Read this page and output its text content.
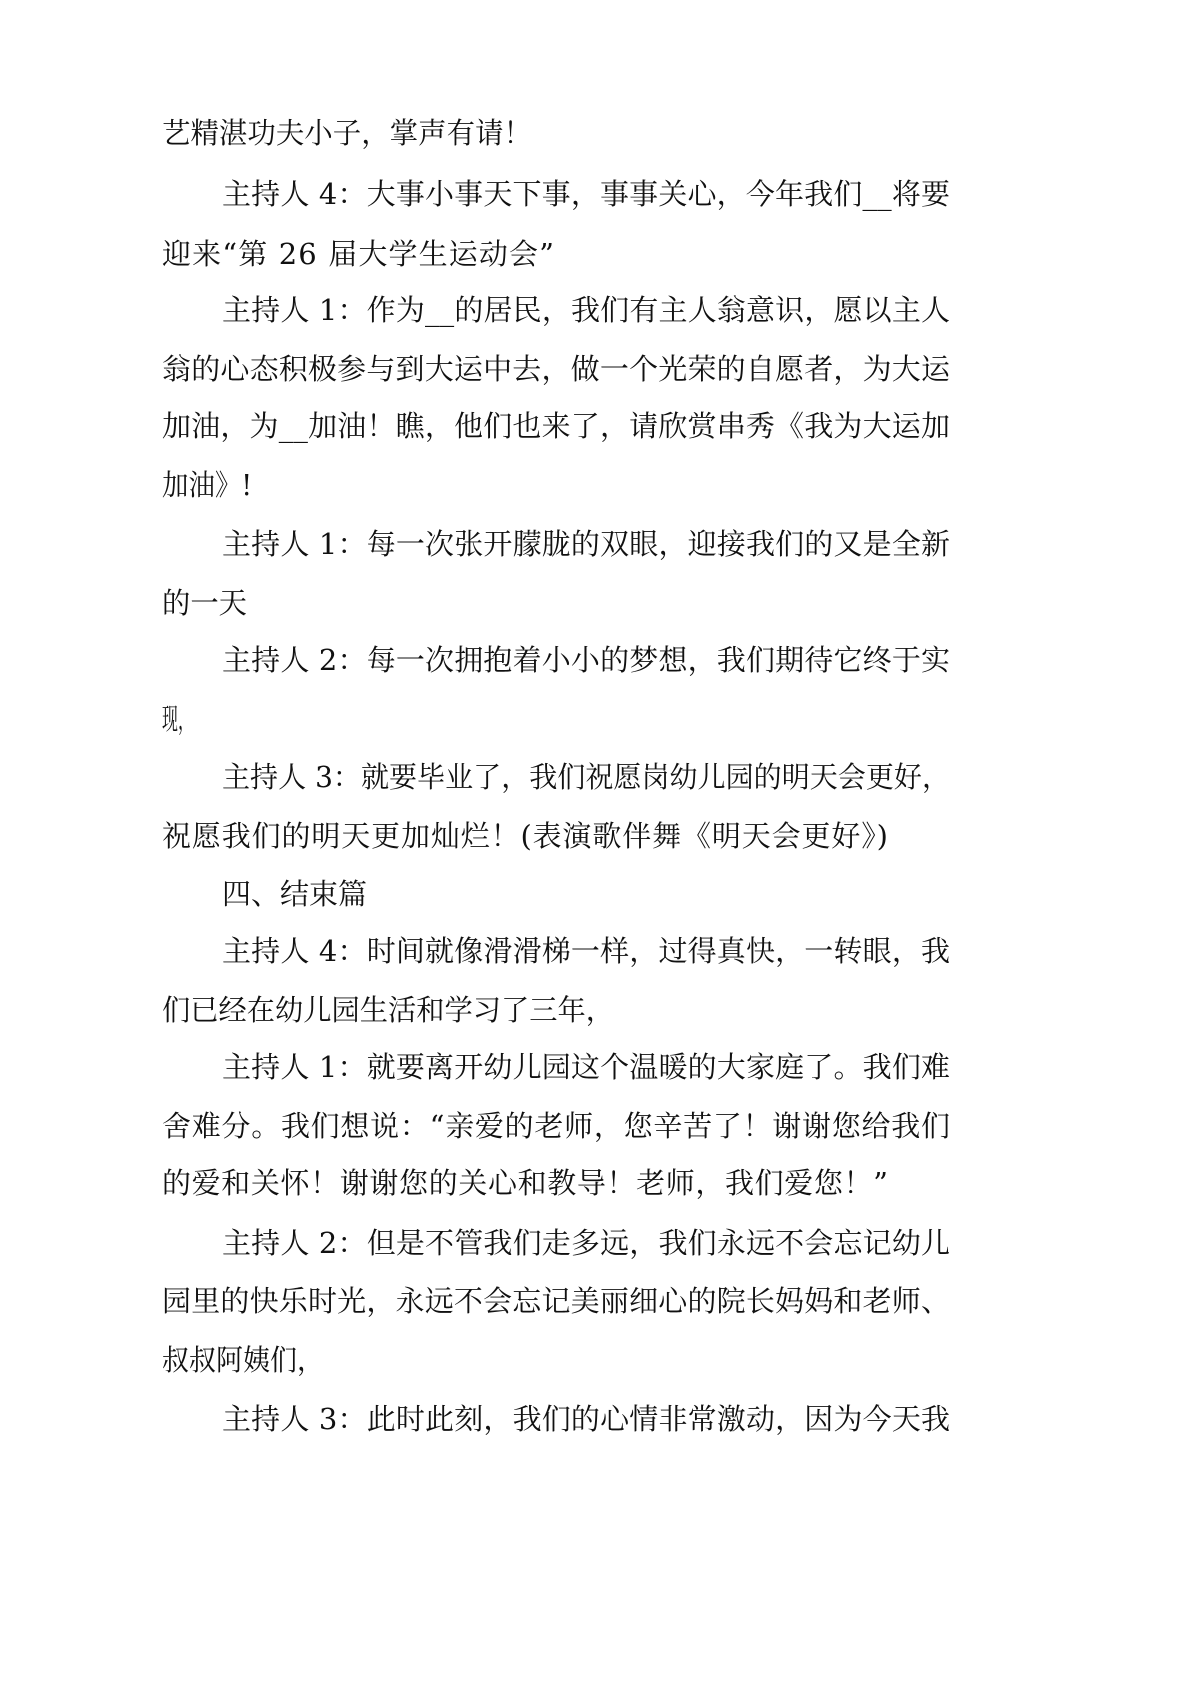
艺精湛功夫小子，掌声有请！
主持人 4：大事小事天下事，事事关心，今年我们__将要
迎来“第 26 届大学生运动会”
主持人 1：作为__的居民，我们有主人翁意识，愿以主人
翁的心态积极参与到大运中去，做一个光荣的自愿者，为大运
加油，为__加油！瞧，他们也来了，请欣赏串秀《我为大运加
加油》!
主持人 1：每一次张开朦胧的双眼，迎接我们的又是全新
的一天
主持人 2：每一次拥抱着小小的梦想，我们期待它终于实
现，
主持人 3：就要毕业了，我们祝愿岗幼儿园的明天会更好，
祝愿我们的明天更加灿烂！(表演歌伴舞《明天会更好》)
四、结束篇
主持人 4：时间就像滑滑梯一样，过得真快，一转眼，我
们已经在幼儿园生活和学习了三年，
主持人 1：就要离开幼儿园这个温暖的大家庭了。我们难
舍难分。我们想说：“亲爱的老师，您辛苦了！谢谢您给我们
的爱和关怀！谢谢您的关心和教导！老师，我们爱您！”
主持人 2：但是不管我们走多远，我们永远不会忘记幼儿
园里的快乐时光，永远不会忘记美丽细心的院长妈妈和老师、
叔叔阿姨们，
主持人 3：此时此刻，我们的心情非常激动，因为今天我
